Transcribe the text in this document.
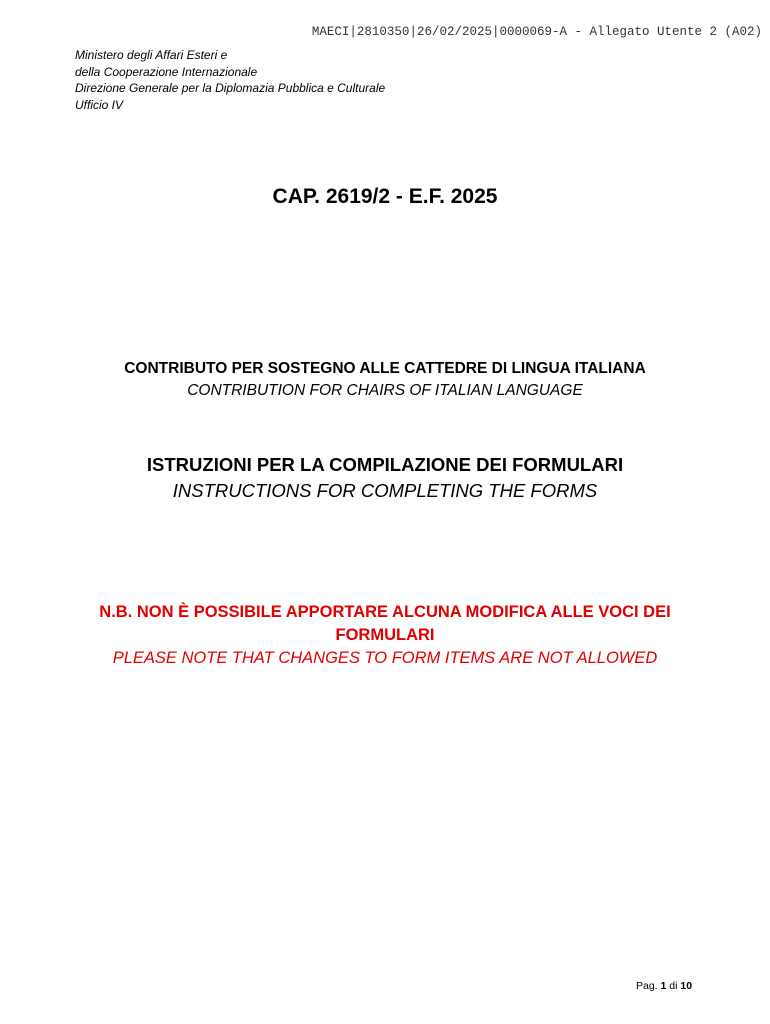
MAECI|2810350|26/02/2025|0000069-A - Allegato Utente 2 (A02)
Ministero degli Affari Esteri e
della Cooperazione Internazionale
Direzione Generale per la Diplomazia Pubblica e Culturale
Ufficio IV
CAP. 2619/2 - E.F. 2025
CONTRIBUTO PER SOSTEGNO ALLE CATTEDRE DI LINGUA ITALIANA
CONTRIBUTION FOR CHAIRS OF ITALIAN LANGUAGE
ISTRUZIONI PER LA COMPILAZIONE DEI FORMULARI
INSTRUCTIONS FOR COMPLETING THE FORMS
N.B. NON È POSSIBILE APPORTARE ALCUNA MODIFICA ALLE VOCI DEI FORMULARI
PLEASE NOTE THAT CHANGES TO FORM ITEMS ARE NOT ALLOWED
Pag. 1 di 10
